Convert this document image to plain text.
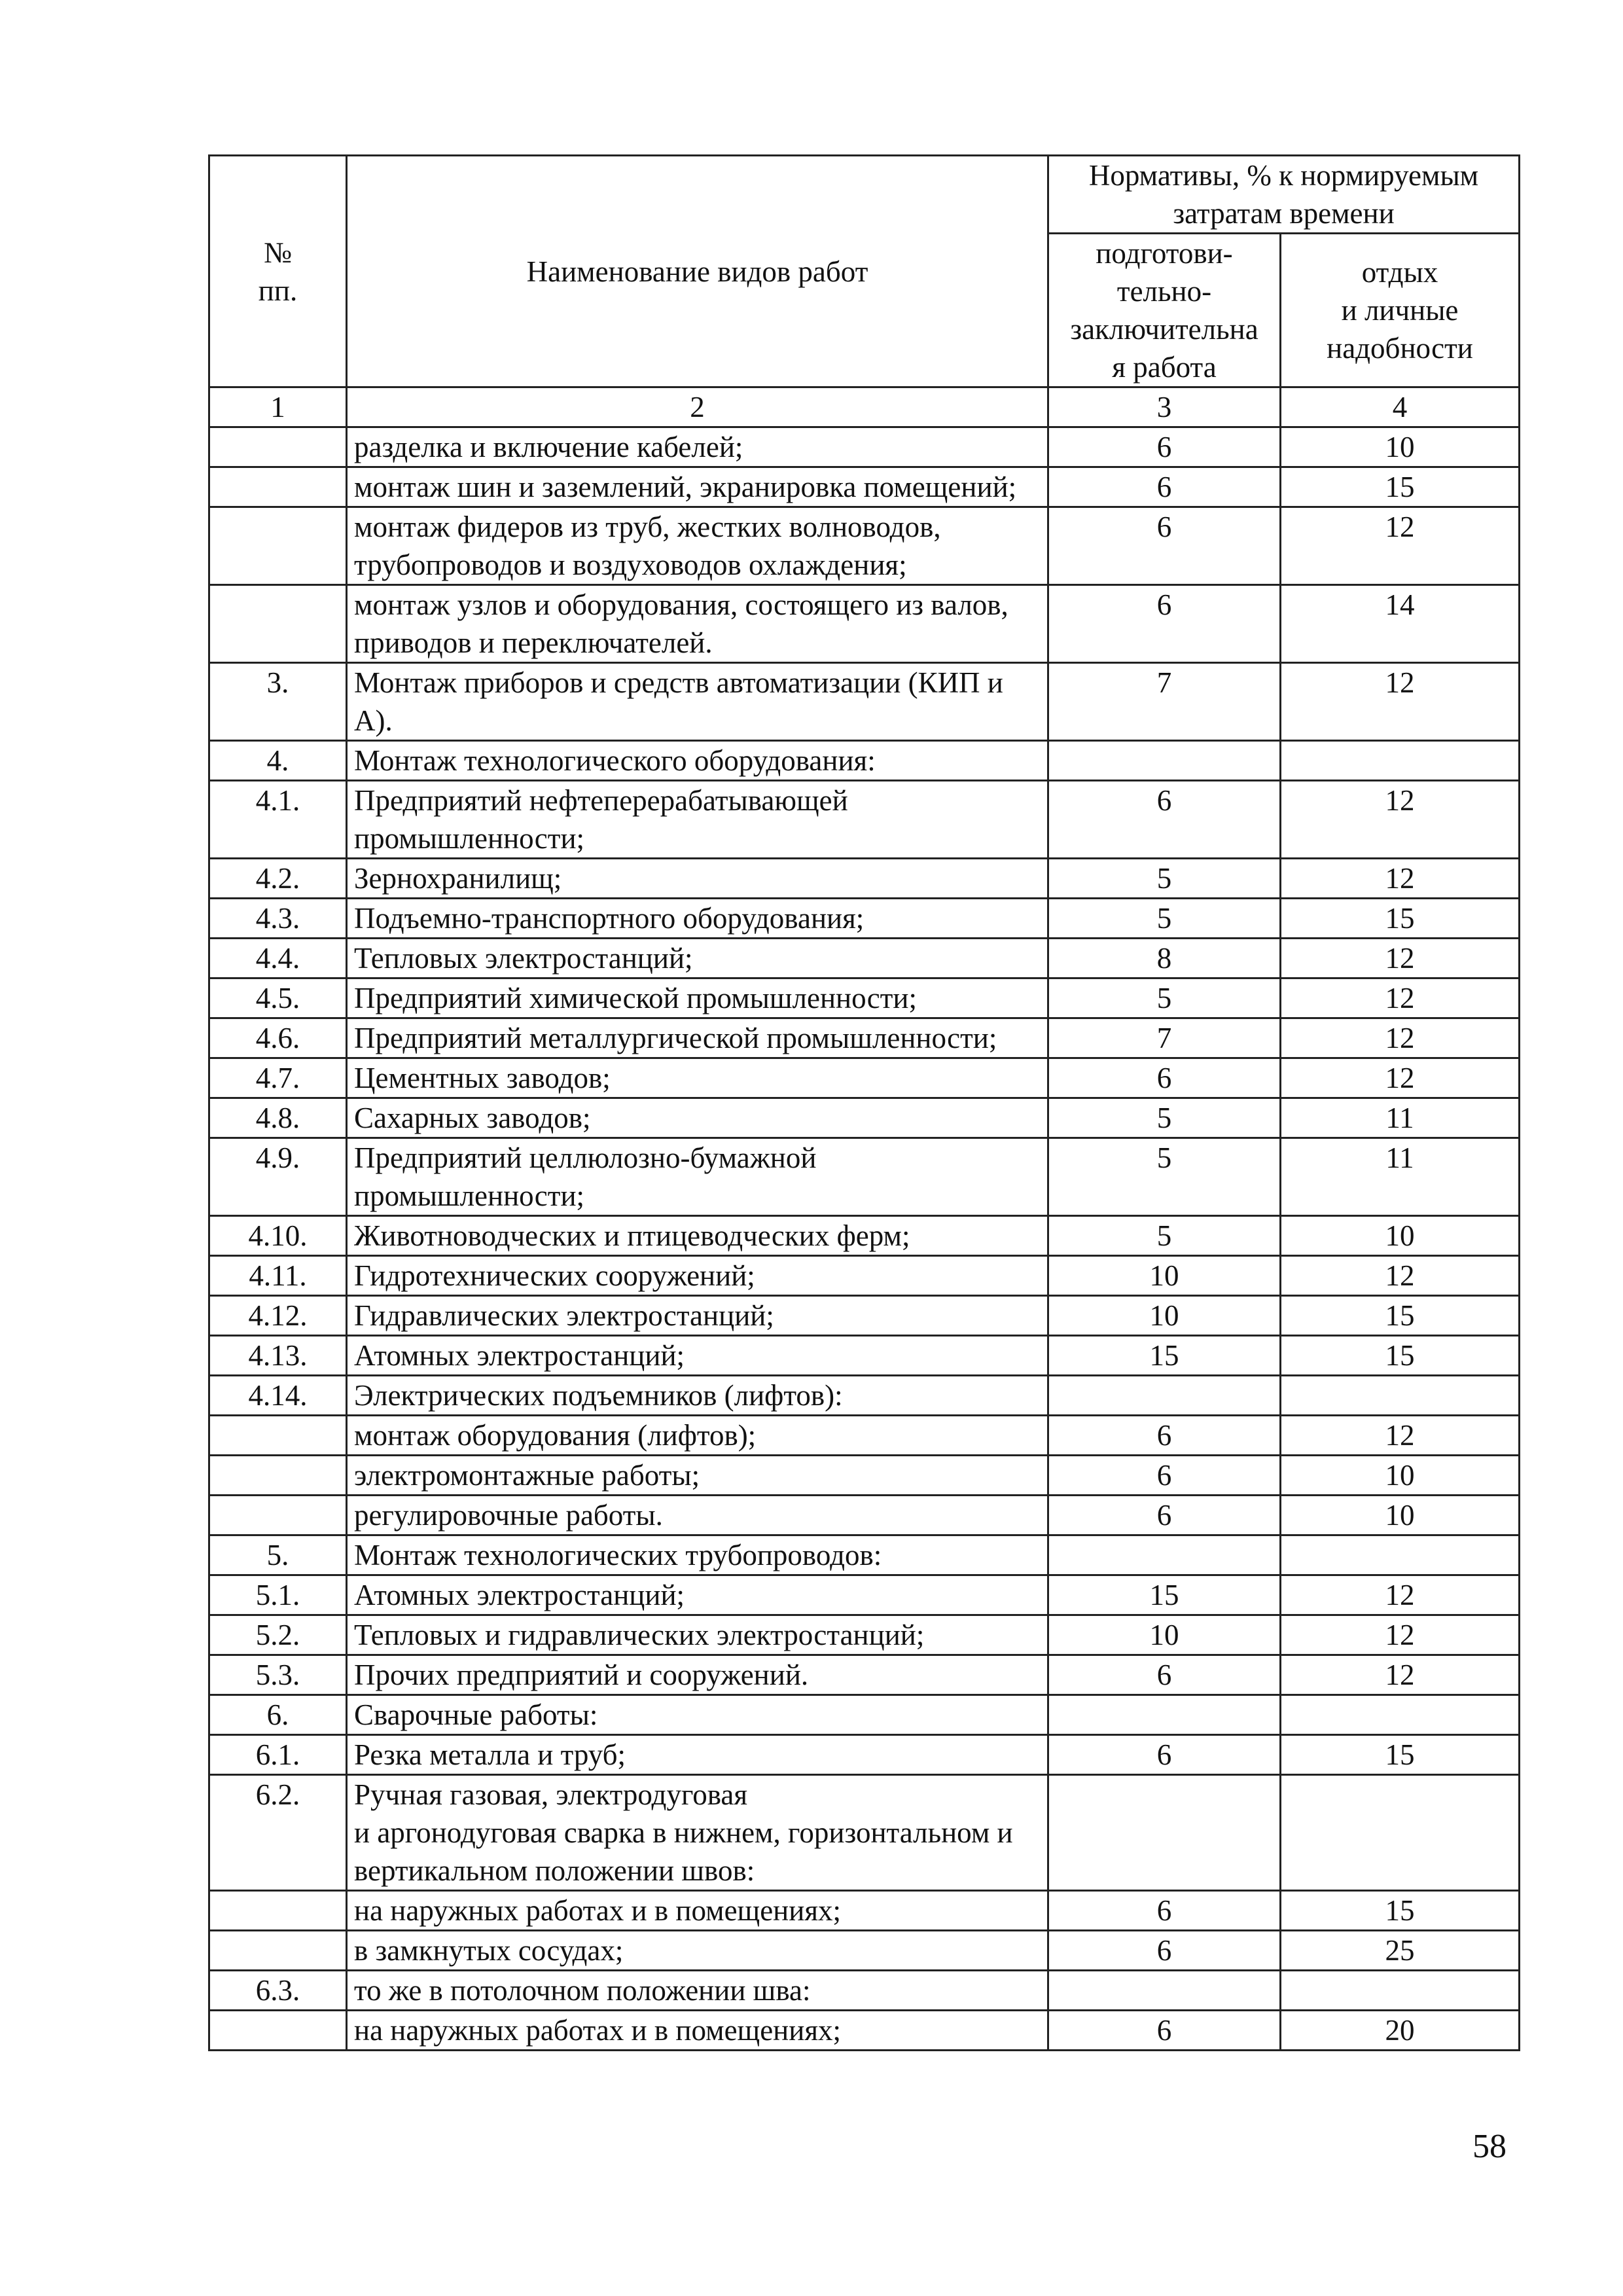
№
пп.	Наименование видов работ	Нормативы, % к нормируемым затратам времени	
		подготови-
тельно-
заключительна
я работа	отдых
и личные
надобности
1	2	3	4
	разделка и включение кабелей;	6	10
	монтаж шин и заземлений, экранировка помещений;	6	15
	монтаж фидеров из труб, жестких волноводов, трубопроводов и воздуховодов охлаждения;	6	12
	монтаж узлов и оборудования, состоящего из валов, приводов и переключателей.	6	14
3.	Монтаж приборов и средств автоматизации (КИП и А).	7	12
4.	Монтаж технологического оборудования:		
4.1.	Предприятий нефтеперерабатывающей промышленности;	6	12
4.2.	Зернохранилищ;	5	12
4.3.	Подъемно-транспортного оборудования;	5	15
4.4.	Тепловых электростанций;	8	12
4.5.	Предприятий химической промышленности;	5	12
4.6.	Предприятий металлургической промышленности;	7	12
4.7.	Цементных заводов;	6	12
4.8.	Сахарных заводов;	5	11
4.9.	Предприятий целлюлозно-бумажной промышленности;	5	11
4.10.	Животноводческих и птицеводческих ферм;	5	10
4.11.	Гидротехнических сооружений;	10	12
4.12.	Гидравлических электростанций;	10	15
4.13.	Атомных электростанций;	15	15
4.14.	Электрических подъемников (лифтов):		
	монтаж оборудования (лифтов);	6	12
	электромонтажные работы;	6	10
	регулировочные работы.	6	10
5.	Монтаж технологических трубопроводов:		
5.1.	Атомных электростанций;	15	12
5.2.	Тепловых и гидравлических электростанций;	10	12
5.3.	Прочих предприятий и сооружений.	6	12
6.	Сварочные работы:		
6.1.	Резка металла и труб;	6	15
6.2.	Ручная газовая, электродуговая
и аргонодуговая сварка в нижнем, горизонтальном и вертикальном положении швов:		
	на наружных работах и в помещениях;	6	15
	в замкнутых сосудах;	6	25
6.3.	то же в потолочном положении шва:		
	на наружных работах и в помещениях;	6	20
58
